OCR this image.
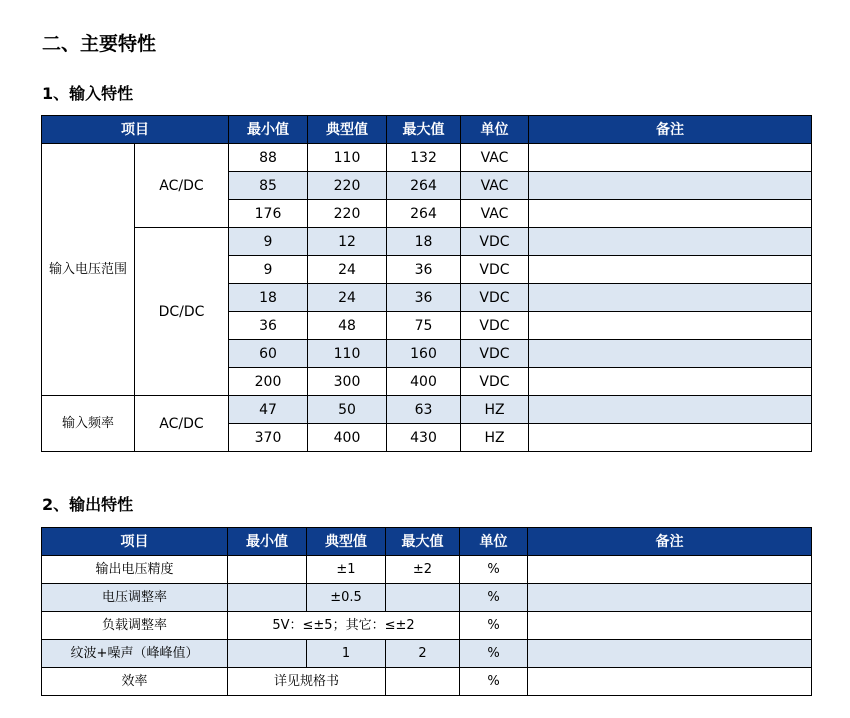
二、主要特性
1、输入特性
2、输出特性
项目		最小值	典型值	最大值	单位	备注
输入电压范围	AC/DC	88	110	132	VAC	
		85	220	264	VAC	
		176	220	264	VAC	
	DC/DC	9	12	18	VDC	
		9	24	36	VDC	
		18	24	36	VDC	
		36	48	75	VDC	
		60	110	160	VDC	
		200	300	400	VDC	
输入频率	AC/DC	47	50	63	HZ	
		370	400	430	HZ	
项目	最小值	典型值	最大值	单位	备注
输出电压精度		±1	±2	%	
电压调整率		±0.5		%	
负载调整率	5V：≤±5；其它：≤±2			%	
纹波+噪声（峰峰值）		1	2	%	
效率	详见规格书			%	
